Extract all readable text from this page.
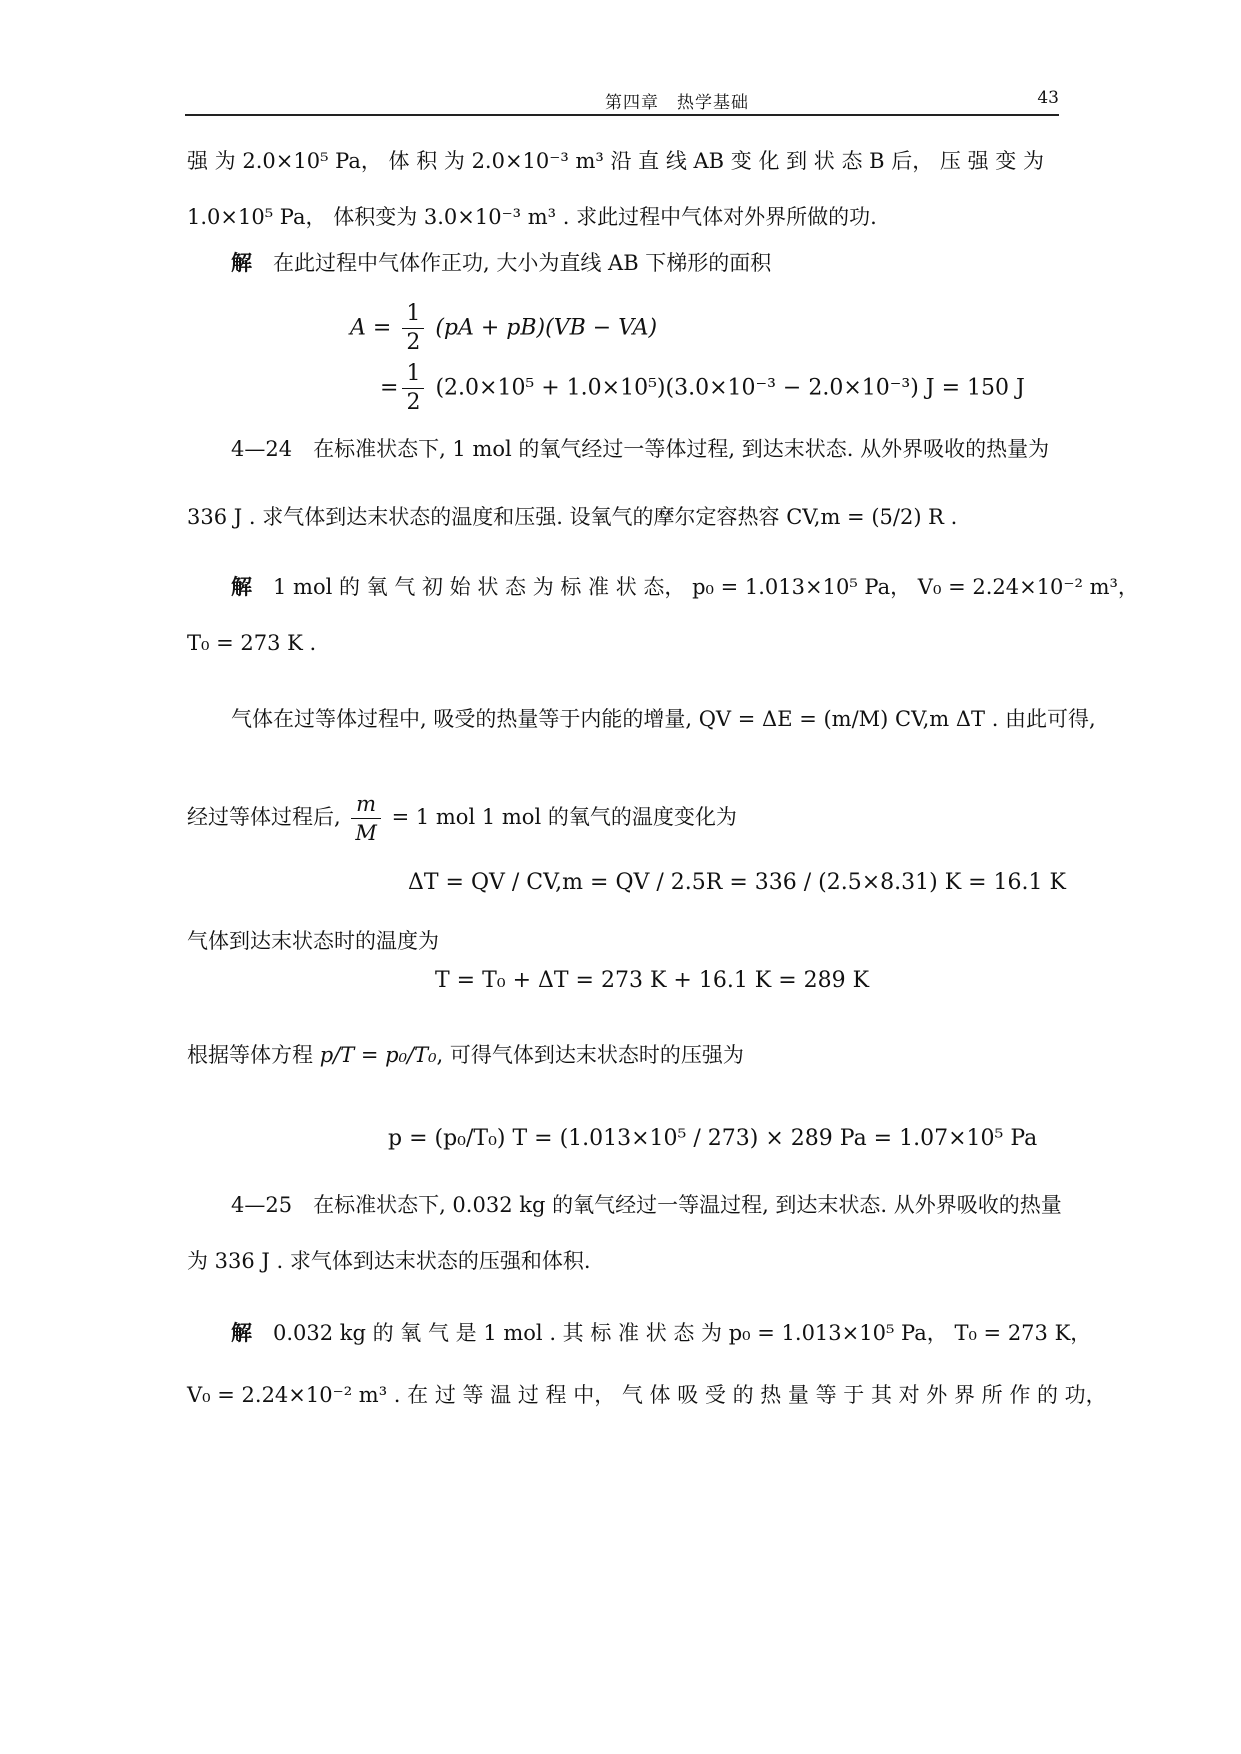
第四章　热学基础	43
强 为 2.0×10⁵ Pa， 体 积 为 2.0×10⁻³ m³ 沿 直 线 AB 变 化 到 状 态 B 后， 压 强 变 为
1.0×10⁵ Pa， 体积变为 3.0×10⁻³ m³ . 求此过程中气体对外界所做的功.
解　 在此过程中气体作正功, 大小为直线 AB 下梯形的面积
$A = \frac{1}{2} (pA + pB)(VB - VA)$
= $\frac{1}{2} (2.0\times 10^5 + 1.0\times 10^5)(3.0\times 10^{-3} - 2.0\times 10^{-3}) J = 150$ J
4—24　在标准状态下, 1 mol 的氧气经过一等体过程, 到达末状态. 从外界吸收的热量为
336 J . 求气体到达末状态的温度和压强. 设氧气的摩尔定容热容 CV,m = (5/2) R .
解　 1 mol 的 氧 气 初 始 状 态 为 标 准 状 态， p₀ = 1.013×10⁵ Pa， V₀ = 2.24×10⁻² m³，
T₀ = 273 K .
气体在过等体过程中, 吸受的热量等于内能的增量, QV = ΔE = (m/M) CV,m ΔT . 由此可得,
经过等体过程后, $\frac{m}{M} = 1$ mol 1 mol 的氧气的温度变化为
ΔT = QV / CV,m = QV / 2.5R = 336 / (2.5×8.31) K = 16.1 K
气体到达末状态时的温度为
T = T₀ + ΔT = 273 K + 16.1 K = 289 K
根据等体方程 p/T = p₀/T₀, 可得气体到达末状态时的压强为
p = (p₀/T₀) T = (1.013×10⁵ / 273) × 289 Pa = 1.07×10⁵ Pa
4—25　在标准状态下, 0.032 kg 的氧气经过一等温过程, 到达末状态. 从外界吸收的热量
为 336 J . 求气体到达末状态的压强和体积.
解　 0.032 kg 的 氧 气 是 1 mol . 其 标 准 状 态 为 p₀ = 1.013×10⁵ Pa， T₀ = 273 K，
V₀ = 2.24×10⁻² m³ . 在 过 等 温 过 程 中， 气 体 吸 受 的 热 量 等 于 其 对 外 界 所 作 的 功，
